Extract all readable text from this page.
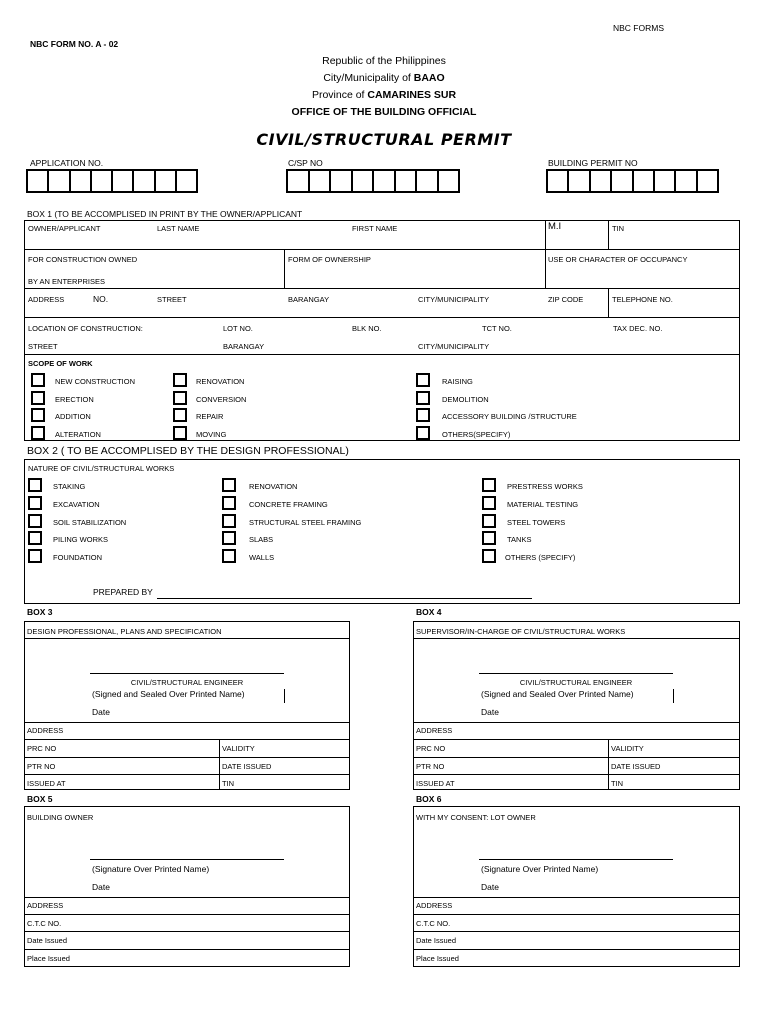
NBC FORMS
NBC FORM NO. A - 02
Republic of the Philippines
City/Municipality of BAAO
Province of CAMARINES SUR
OFFICE OF THE BUILDING OFFICIAL
CIVIL/STRUCTURAL PERMIT
APPLICATION NO.	C/SP NO	BUILDING PERMIT NO
BOX 1 (TO BE ACCOMPLISED IN PRINT BY THE OWNER/APPLICANT
OWNER/APPLICANT	LAST NAME	FIRST NAME	M.I	TIN
FOR CONSTRUCTION OWNED
BY AN ENTERPRISES
FORM OF OWNERSHIP	USE OR CHARACTER OF OCCUPANCY
ADDRESS	NO.	STREET	BARANGAY	CITY/MUNICIPALITY	ZIP CODE	TELEPHONE NO.
LOCATION OF CONSTRUCTION:	LOT NO.	BLK NO.	TCT NO.	TAX DEC. NO.
STREET	BARANGAY	CITY/MUNICIPALITY
SCOPE OF WORK
NEW CONSTRUCTION
ERECTION
ADDITION
ALTERATION
RENOVATION
CONVERSION
REPAIR
MOVING
RAISING
DEMOLITION
ACCESSORY BUILDING /STRUCTURE
OTHERS(SPECIFY)
BOX 2 ( TO BE ACCOMPLISED BY THE DESIGN PROFESSIONAL)
NATURE OF CIVIL/STRUCTURAL WORKS
STAKING
EXCAVATION
SOIL STABILIZATION
PILING WORKS
FOUNDATION
RENOVATION
CONCRETE FRAMING
STRUCTURAL STEEL FRAMING
SLABS
WALLS
PRESTRESS WORKS
MATERIAL TESTING
STEEL TOWERS
TANKS
OTHERS (SPECIFY)
PREPARED BY
BOX 3
DESIGN PROFESSIONAL, PLANS AND SPECIFICATION
CIVIL/STRUCTURAL ENGINEER
(Signed and Sealed Over Printed Name)
Date
ADDRESS
PRC NO	VALIDITY
PTR NO	DATE ISSUED
ISSUED AT	TIN
BOX 4
SUPERVISOR/IN-CHARGE OF CIVIL/STRUCTURAL WORKS
CIVIL/STRUCTURAL ENGINEER
(Signed and Sealed Over Printed Name)
Date
ADDRESS
PRC NO	VALIDITY
PTR NO	DATE ISSUED
ISSUED AT	TIN
BOX 5
BUILDING OWNER
(Signature Over Printed Name)
Date
ADDRESS
C.T.C NO.
Date Issued
Place Issued
BOX 6
WITH MY CONSENT: LOT OWNER
(Signature Over Printed Name)
Date
ADDRESS
C.T.C NO.
Date Issued
Place Issued
